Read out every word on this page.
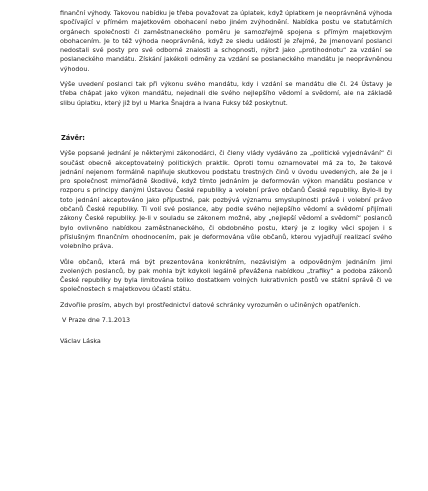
finanční výhody. Takovou nabídku je třeba považovat za úplatek, když úplatkem je neoprávněná výhoda spočívající v přímém majetkovém obohacení nebo jiném zvýhodnění. Nabídka postu ve statutárních orgánech společnosti či zaměstnaneckého poměru je samozřejmě spojena s přímým majetkovým obohacením. Je to též výhoda neoprávněná, když ze sledu událostí je zřejmé, že jmenovaní poslanci nedostali své posty pro své odborné znalosti a schopnosti, nýbrž jako „protihodnotu“ za vzdání se poslaneckého mandátu. Získání jakékoli odměny za vzdání se poslaneckého mandátu je neoprávněnou výhodou.

Výše uvedení poslanci tak při výkonu svého mandátu, kdy i vzdání se mandátu dle čl. 24 Ústavy je třeba chápat jako výkon mandátu, nejednali dle svého nejlepšího vědomí a svědomí, ale na základě slibu úplatku, který již byl u Marka Šnajdra a Ivana Fuksy též poskytnut.

Závěr:

Výše popsané jednání je některými zákonodárci, či členy vlády vydáváno za „politické vyjednávání“ či součást obecně akceptovatelný politických praktik. Oproti tomu oznamovatel má za to, že takové jednání nejenom formálně naplňuje skutkovou podstatu trestných činů v úvodu uvedených, ale že je i pro společnost mimořádně škodlivé, když tímto jednáním je deformován výkon mandátu poslance v rozporu s principy danými Ústavou České republiky a volební právo občanů České republiky. Bylo-li by toto jednání akceptováno jako přípustné, pak pozbývá významu smysluplnosti právě i volební právo občanů České republiky. Ti volí své poslance, aby podle svého nejlepšího vědomí a svědomí přijímali zákony České republiky. Je-li v souladu se zákonem možné, aby „nejlepší vědomí a svědomí“ poslanců bylo ovlivněno nabídkou zaměstnaneckého, či obdobného postu, který je z logiky věci spojen i s příslušným finančním ohodnocením, pak je deformována vůle občanů, kterou vyjadřují realizací svého volebního práva.

Vůle občanů, která má být prezentována konkrétním, nezávislým a odpovědným jednáním jimi zvolených poslanců, by pak mohla být kdykoli legálně převážena nabídkou „trafiky“ a podoba zákonů České republiky by byla limitována toliko dostatkem volných lukrativních postů ve státní správě či ve společnostech s majetkovou účastí státu.

Zdvořile prosím, abych byl prostřednictví datové schránky vyrozuměn o učiněných opatřeních.

V Praze dne 7.1.2013

Václav Láska
